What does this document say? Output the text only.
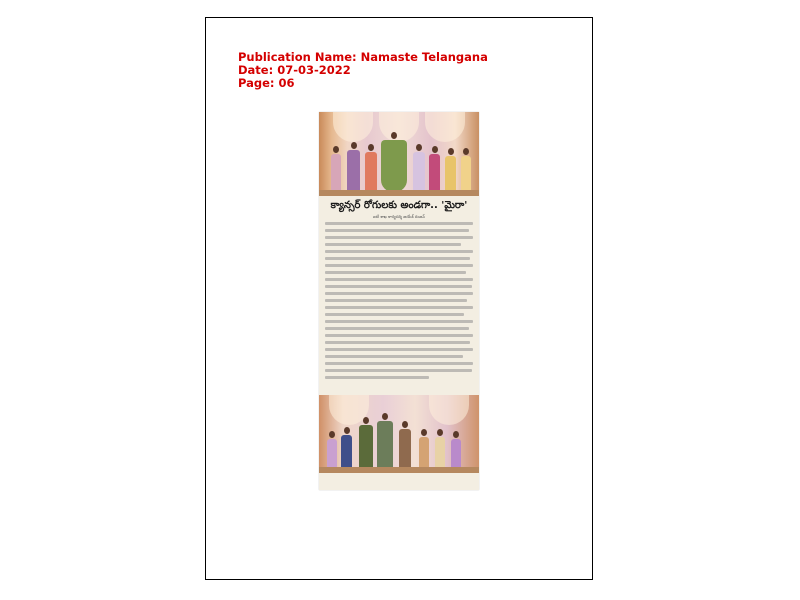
Publication Name: Namaste Telangana
Date: 07-03-2022
Page: 06
క్యాన్సర్ రోగులకు అండగా.. 'మైరా'
ఐటీ శాఖ కార్యదర్శి జయేశ్ రంజన్
